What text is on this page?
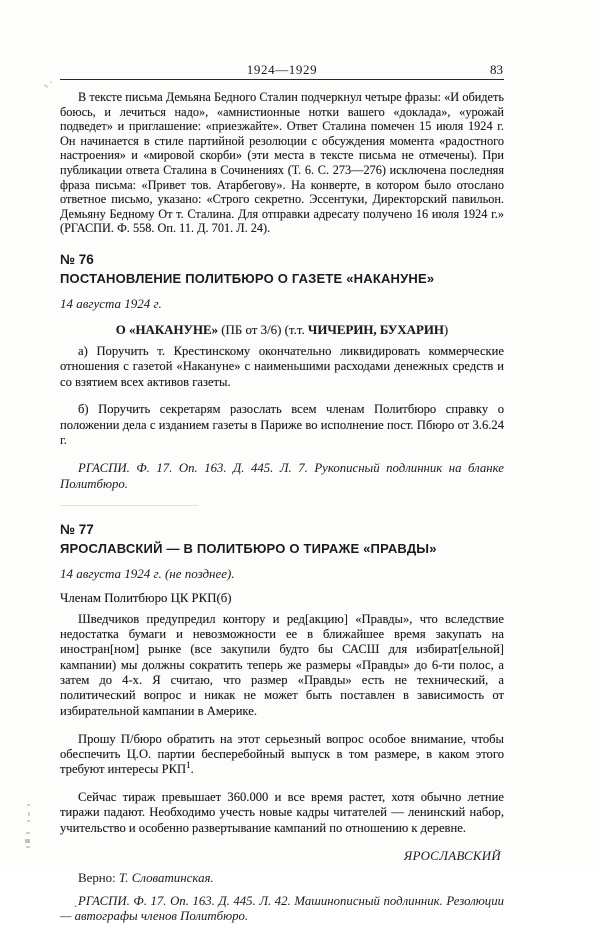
1924—1929	83

В тексте письма Демьяна Бедного Сталин подчеркнул четыре фразы: «И обидеть боюсь, и лечиться надо», «амнистионные нотки вашего «доклада», «урожай подведет» и приглашение: «приезжайте». Ответ Сталина помечен 15 июля 1924 г. Он начинается в стиле партийной резолюции с обсуждения момента «радостного настроения» и «мировой скорби» (эти места в тексте письма не отмечены). При публикации ответа Сталина в Сочинениях (Т. 6. С. 273—276) исключена последняя фраза письма: «Привет тов. Атарбегову». На конверте, в котором было отослано ответное письмо, указано: «Строго секретно. Эссентуки, Директорский павильон. Демьяну Бедному От т. Сталина. Для отправки адресату получено 16 июля 1924 г.» (РГАСПИ. Ф. 558. Оп. 11. Д. 701. Л. 24).

№ 76
ПОСТАНОВЛЕНИЕ ПОЛИТБЮРО О ГАЗЕТЕ «НАКАНУНЕ»
14 августа 1924 г.
О «НАКАНУНЕ» (ПБ от 3/6) (т.т. ЧИЧЕРИН, БУХАРИН)

а) Поручить т. Крестинскому окончательно ликвидировать коммерческие отношения с газетой «Накануне» с наименьшими расходами денежных средств и со взятием всех активов газеты.

б) Поручить секретарям разослать всем членам Политбюро справку о положении дела с изданием газеты в Париже во исполнение пост. Пбюро от 3.6.24 г.

РГАСПИ. Ф. 17. Оп. 163. Д. 445. Л. 7. Рукописный подлинник на бланке Политбюро.

№ 77
ЯРОСЛАВСКИЙ — В ПОЛИТБЮРО О ТИРАЖЕ «ПРАВДЫ»
14 августа 1924 г. (не позднее).
Членам Политбюро ЦК РКП(б)

Шведчиков предупредил контору и ред[акцию] «Правды», что вследствие недостатка бумаги и невозможности ее в ближайшее время закупать на иностран[ном] рынке (все закупили будто бы САСШ для избират[ельной] кампании) мы должны сократить теперь же размеры «Правды» до 6-ти полос, а затем до 4-х. Я считаю, что размер «Правды» есть не технический, а политический вопрос и никак не может быть поставлен в зависимость от избирательной кампании в Америке.

Прошу П/бюро обратить на этот серьезный вопрос особое внимание, чтобы обеспечить Ц.О. партии бесперебойный выпуск в том размере, в каком этого требуют интересы РКП$^1$.

Сейчас тираж превышает 360.000 и все время растет, хотя обычно летние тиражи падают. Необходимо учесть новые кадры читателей — ленинский набор, учительство и особенно развертывание кампаний по отношению к деревне.

ЯРОСЛАВСКИЙ
Верно: Т. Словатинская.

. РГАСПИ. Ф. 17. Оп. 163. Д. 445. Л. 42. Машинописный подлинник. Резолюции — автографы членов Политбюро.
